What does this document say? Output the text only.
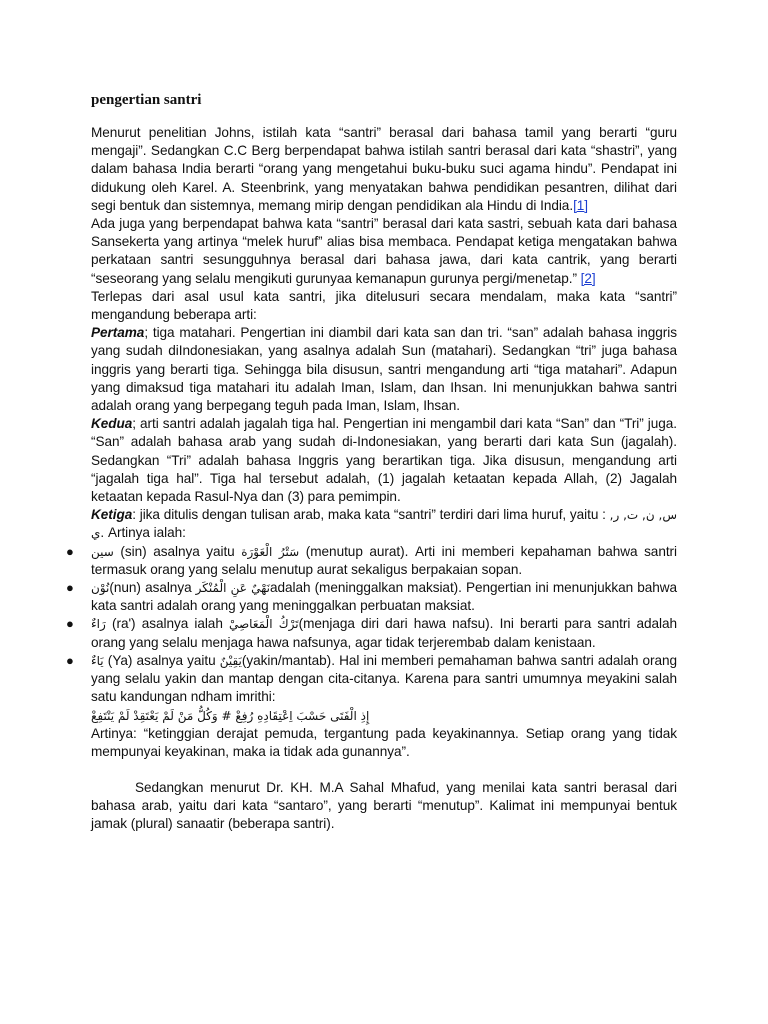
pengertian santri

Menurut penelitian Johns, istilah kata “santri” berasal dari bahasa tamil yang berarti “guru mengaji”. Sedangkan C.C Berg berpendapat bahwa istilah santri berasal dari kata “shastri”, yang dalam bahasa India berarti “orang yang mengetahui buku-buku suci agama hindu”. Pendapat ini didukung oleh Karel. A. Steenbrink, yang menyatakan bahwa pendidikan pesantren, dilihat dari segi bentuk dan sistemnya, memang mirip dengan pendidikan ala Hindu di India.[1]

Ada juga yang berpendapat bahwa kata “santri” berasal dari kata sastri, sebuah kata dari bahasa Sansekerta yang artinya “melek huruf” alias bisa membaca. Pendapat ketiga mengatakan bahwa perkataan santri sesungguhnya berasal dari bahasa jawa, dari kata cantrik, yang berarti “seseorang yang selalu mengikuti gurunyaa kemanapun gurunya pergi/menetap.” [2]

Terlepas dari asal usul kata santri, jika ditelusuri secara mendalam, maka kata “santri” mengandung beberapa arti:

Pertama; tiga matahari. Pengertian ini diambil dari kata san dan tri. “san” adalah bahasa inggris yang sudah diIndonesiakan, yang asalnya adalah Sun (matahari). Sedangkan “tri” juga bahasa inggris yang berarti tiga. Sehingga bila disusun, santri mengandung arti “tiga matahari”. Adapun yang dimaksud tiga matahari itu adalah Iman, Islam, dan Ihsan. Ini menunjukkan bahwa santri adalah orang yang berpegang teguh pada Iman, Islam, Ihsan.

Kedua; arti santri adalah jagalah tiga hal. Pengertian ini mengambil dari kata “San” dan “Tri” juga. “San” adalah bahasa arab yang sudah di-Indonesiakan, yang berarti dari kata Sun (jagalah). Sedangkan “Tri” adalah bahasa Inggris yang berartikan tiga. Jika disusun, mengandung arti “jagalah tiga hal”. Tiga hal tersebut adalah, (1) jagalah ketaatan kepada Allah, (2) Jagalah ketaatan kepada Rasul-Nya dan (3) para pemimpin.

Ketiga: jika ditulis dengan tulisan arab, maka kata “santri” terdiri dari lima huruf, yaitu : س, ن, ت, ر, ي. Artinya ialah:

● سين (sin) asalnya yaitu سَتْرُ الْعَوْرَة (menutup aurat). Arti ini memberi kepahaman bahwa santri termasuk orang yang selalu menutup aurat sekaligus berpakaian sopan.
● نُوْن(nun) asalnya نَهْيٌ عَنِ الْمُنْكَرadalah (meninggalkan maksiat). Pengertian ini menunjukkan bahwa kata santri adalah orang yang meninggalkan perbuatan maksiat.
● رَاءٌ (ra') asalnya ialah تَرْكُ الْمَعَاصِيْ(menjaga diri dari hawa nafsu). Ini berarti para santri adalah orang yang selalu menjaga hawa nafsunya, agar tidak terjerembab dalam kenistaan.
● يَاءٌ (Ya) asalnya yaitu يَقِيْنٌ(yakin/mantab). Hal ini memberi pemahaman bahwa santri adalah orang yang selalu yakin dan mantap dengan cita-citanya. Karena para santri umumnya meyakini salah satu kandungan ndham imrithi:

إِذِ الْفَتَى حَسْبَ اِعْتِقَادِهِ رُفِعْ # وَكُلُّ مَنْ لَمْ يَعْتَقِدْ لَمْ يَنْتَفِعْ

Artinya: “ketinggian derajat pemuda, tergantung pada keyakinannya. Setiap orang yang tidak mempunyai keyakinan, maka ia tidak ada gunannya”.

Sedangkan menurut Dr. KH. M.A Sahal Mhafud, yang menilai kata santri berasal dari bahasa arab, yaitu dari kata “santaro”, yang berarti “menutup”. Kalimat ini mempunyai bentuk jamak (plural) sanaatir (beberapa santri).
